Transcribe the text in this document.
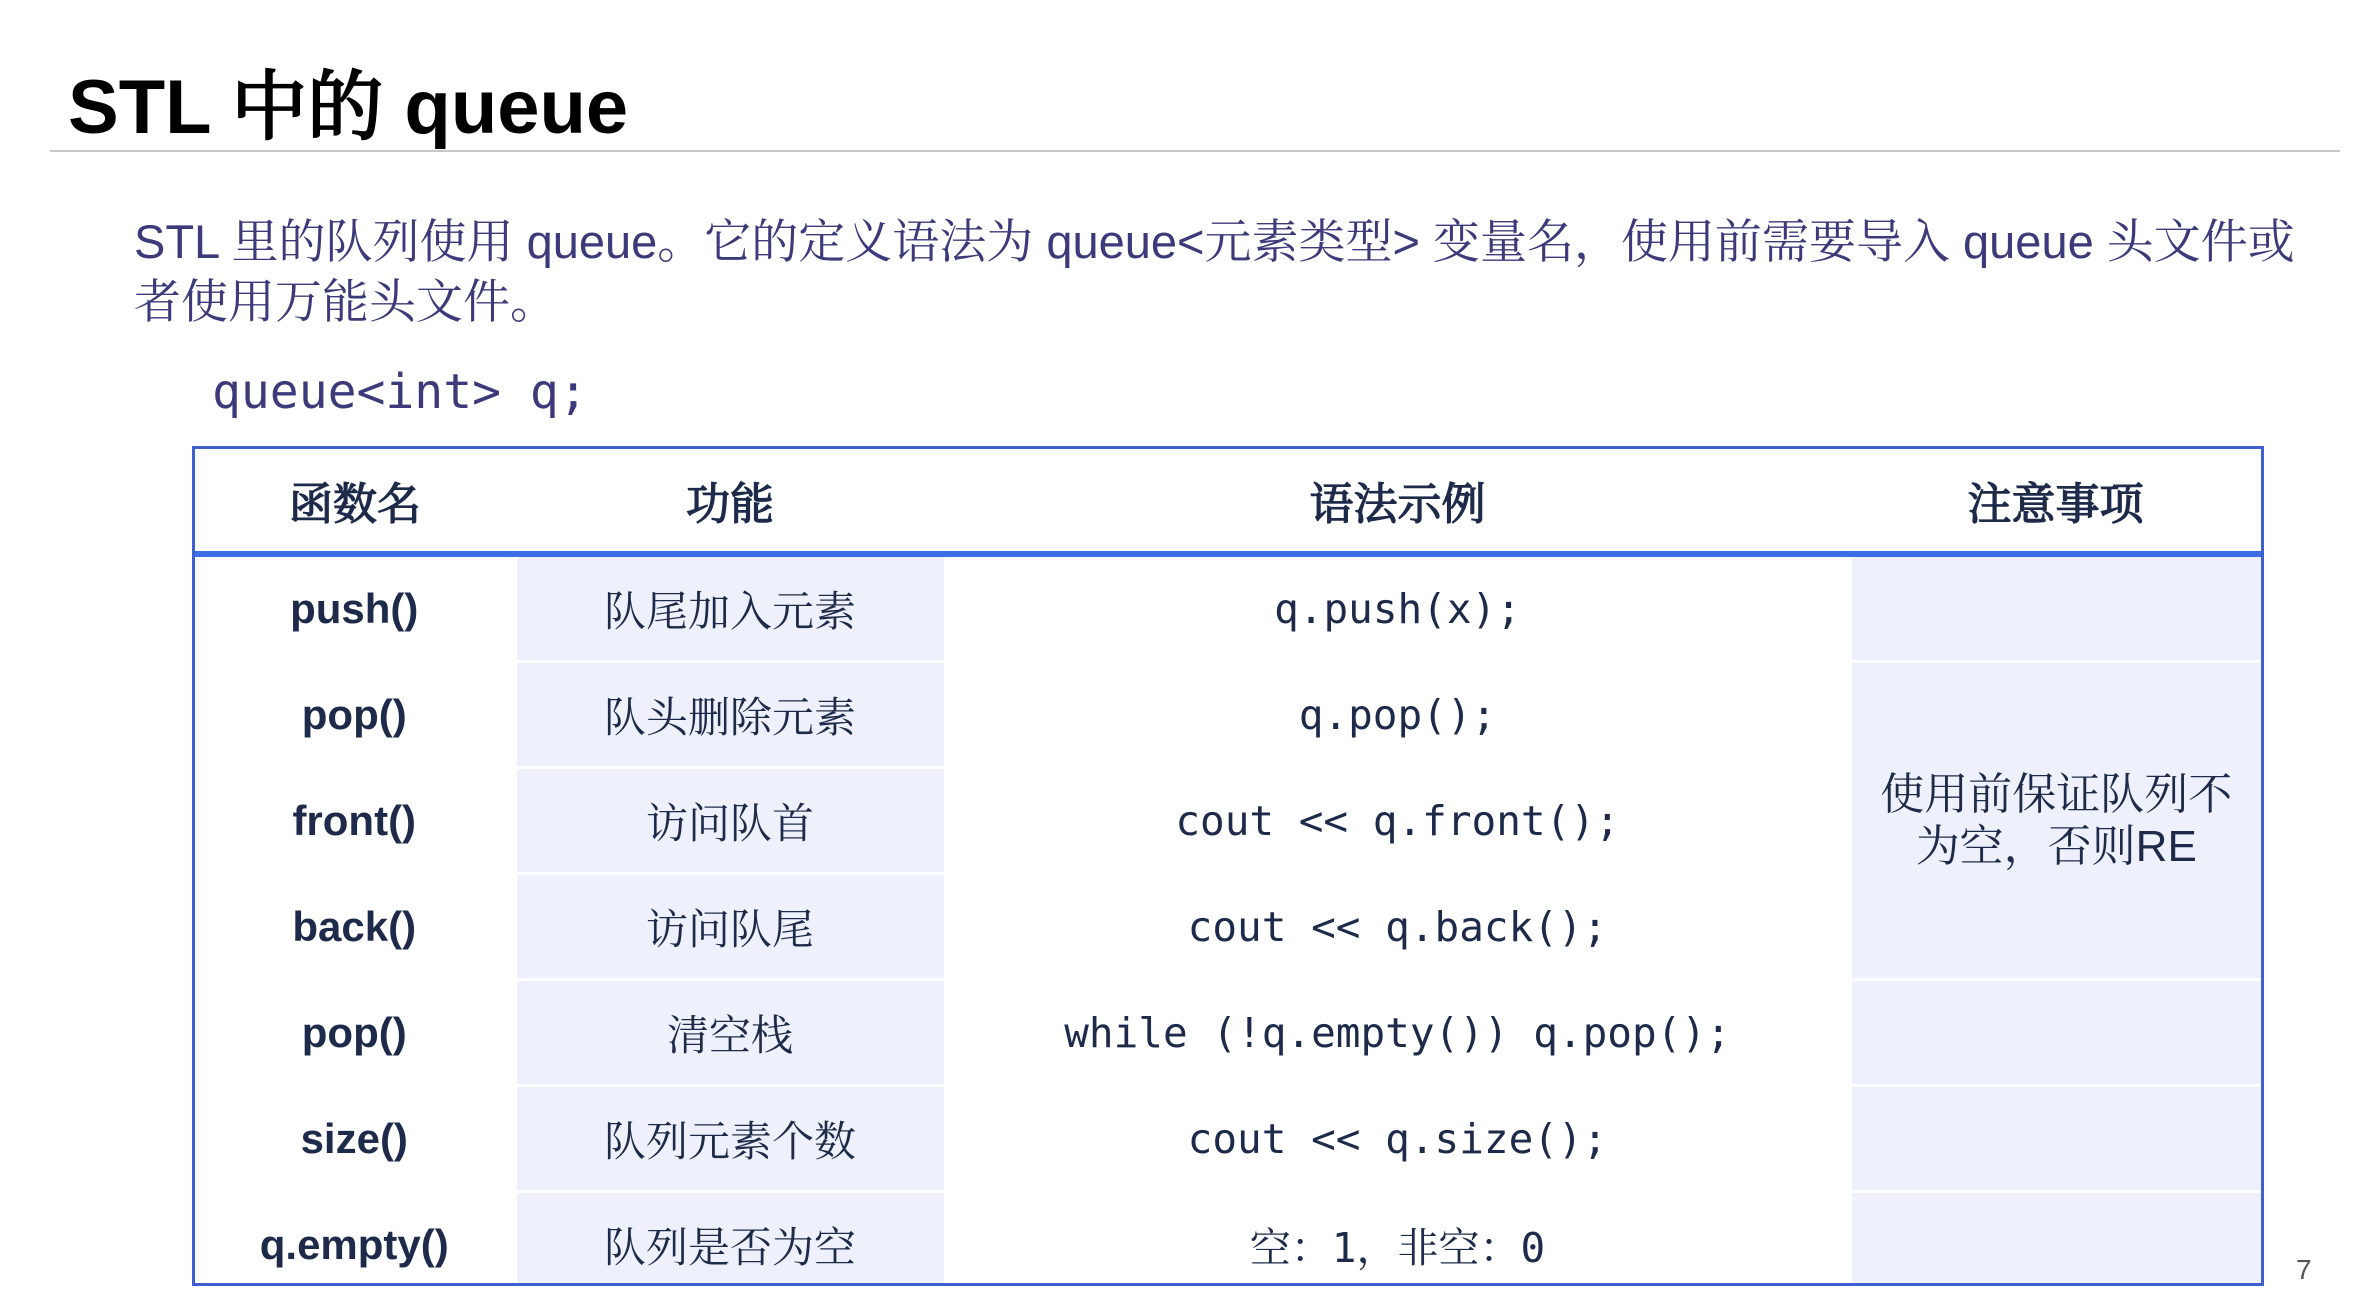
STL 中的 queue
STL 里的队列使用 queue。它的定义语法为 queue<元素类型> 变量名，使用前需要导入 queue 头文件或者使用万能头文件。
queue<int> q;
函数名	功能	语法示例	注意事项
push()	队尾加入元素	q.push(x);	
pop()	队头删除元素	q.pop();	使用前保证队列不为空，否则RE
front()	访问队首	cout << q.front();	
back()	访问队尾	cout << q.back();	
pop()	清空栈	while (!q.empty()) q.pop();	
size()	队列元素个数	cout << q.size();	
q.empty()	队列是否为空	空：1，非空：0		7
